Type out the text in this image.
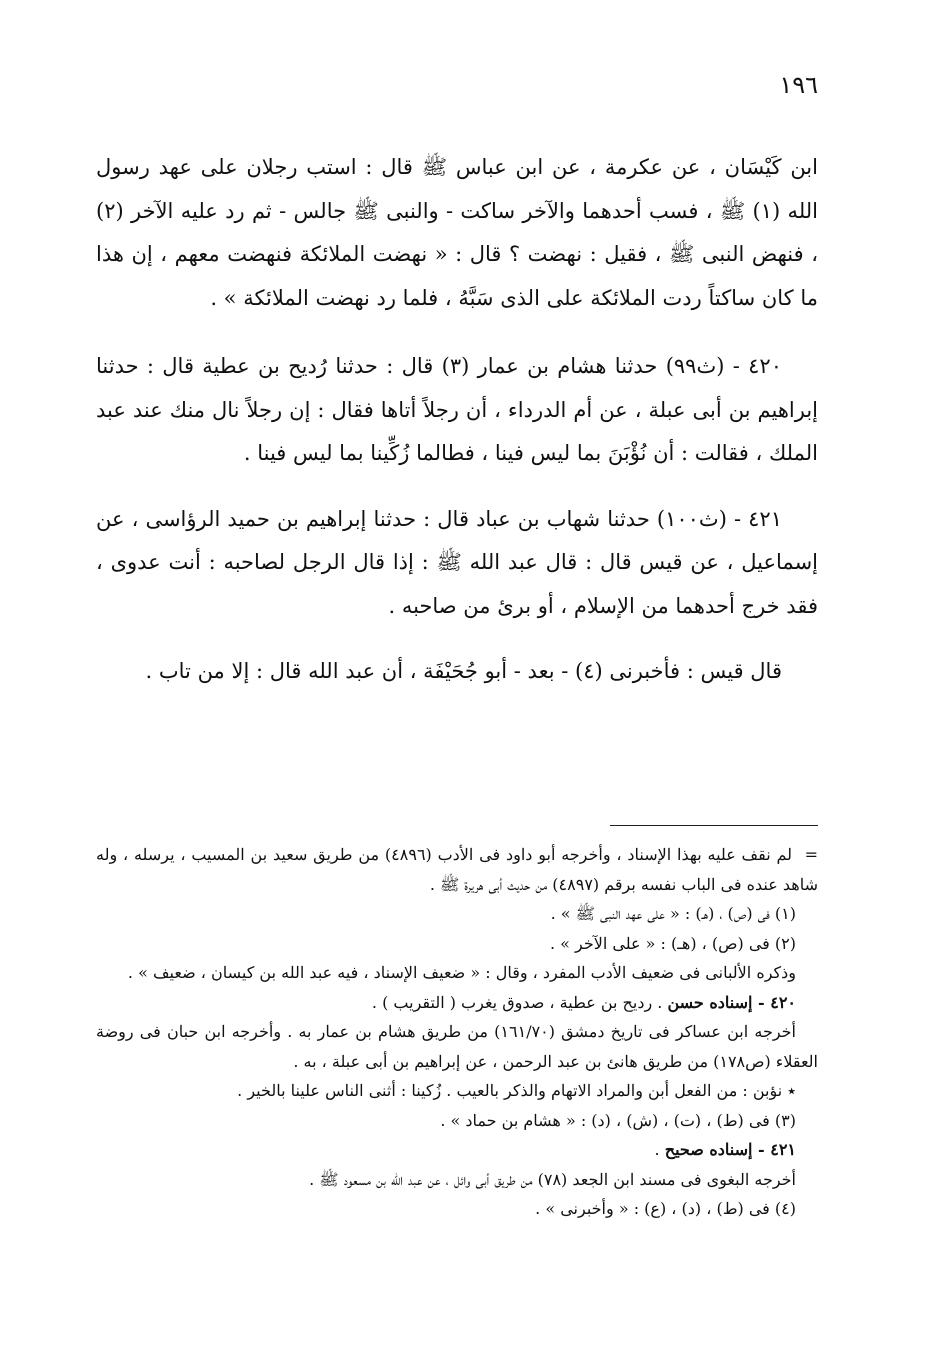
١٩٦

ابن كَيْسَان ، عن عكرمة ، عن ابن عباس ﷺ قال : استب رجلان على عهد رسول الله (١) ﷺ ، فسب أحدهما والآخر ساكت - والنبى ﷺ جالس - ثم رد عليه الآخر (٢) ، فنهض النبى ﷺ ، فقيل : نهضت ؟ قال : « نهضت الملائكة فنهضت معهم ، إن هذا ما كان ساكتاً ردت الملائكة على الذى سَبَّهُ ، فلما رد نهضت الملائكة » .

٤٢٠ - (ث٩٩) حدثنا هشام بن عمار (٣) قال : حدثنا رُديح بن عطية قال : حدثنا إبراهيم بن أبى عبلة ، عن أم الدرداء ، أن رجلاً أتاها فقال : إن رجلاً نال منك عند عبد الملك ، فقالت : أن نُؤْبَنَ بما ليس فينا ، فطالما زُكِّينا بما ليس فينا .

٤٢١ - (ث١٠٠) حدثنا شهاب بن عباد قال : حدثنا إبراهيم بن حميد الرؤاسى ، عن إسماعيل ، عن قيس قال : قال عبد الله ﷺ : إذا قال الرجل لصاحبه : أنت عدوى ، فقد خرج أحدهما من الإسلام ، أو برئ من صاحبه .

قال قيس : فأخبرنى (٤) - بعد - أبو جُحَيْفَة ، أن عبد الله قال : إلا من تاب .

=لم نقف عليه بهذا الإسناد ، وأخرجه أبو داود فى الأدب (٤٨٩٦) من طريق سعيد بن المسيب ، يرسله ، وله شاهد عنده فى الباب نفسه برقم (٤٨٩٧) من حديث أبى هريرة ﷺ .

(١) فى (ص) ، (هـ) : « على عهد النبى ﷺ » .

(٢) فى (ص) ، (هـ) : « على الآخر » .

وذكره الألبانى فى ضعيف الأدب المفرد ، وقال : « ضعيف الإسناد ، فيه عبد الله بن كيسان ، ضعيف » .

٤٢٠ - إسناده حسن . رديح بن عطية ، صدوق يغرب ( التقريب ) .

أخرجه ابن عساكر فى تاريخ دمشق (١٦١/٧٠) من طريق هشام بن عمار به . وأخرجه ابن حبان فى روضة العقلاء (ص١٧٨) من طريق هانئ بن عبد الرحمن ، عن إبراهيم بن أبى عبلة ، به .

٭ نؤبن : من الفعل أبن والمراد الاتهام والذكر بالعيب . زُكينا : أثنى الناس علينا بالخير .

(٣) فى (ط) ، (ت) ، (ش) ، (د) : « هشام بن حماد » .

٤٢١ - إسناده صحيح .

أخرجه البغوى فى مسند ابن الجعد (٧٨) من طريق أبى وائل ، عن عبد الله بن مسعود ﷺ .

(٤) فى (ط) ، (د) ، (ع) : « وأخبرنى » .
